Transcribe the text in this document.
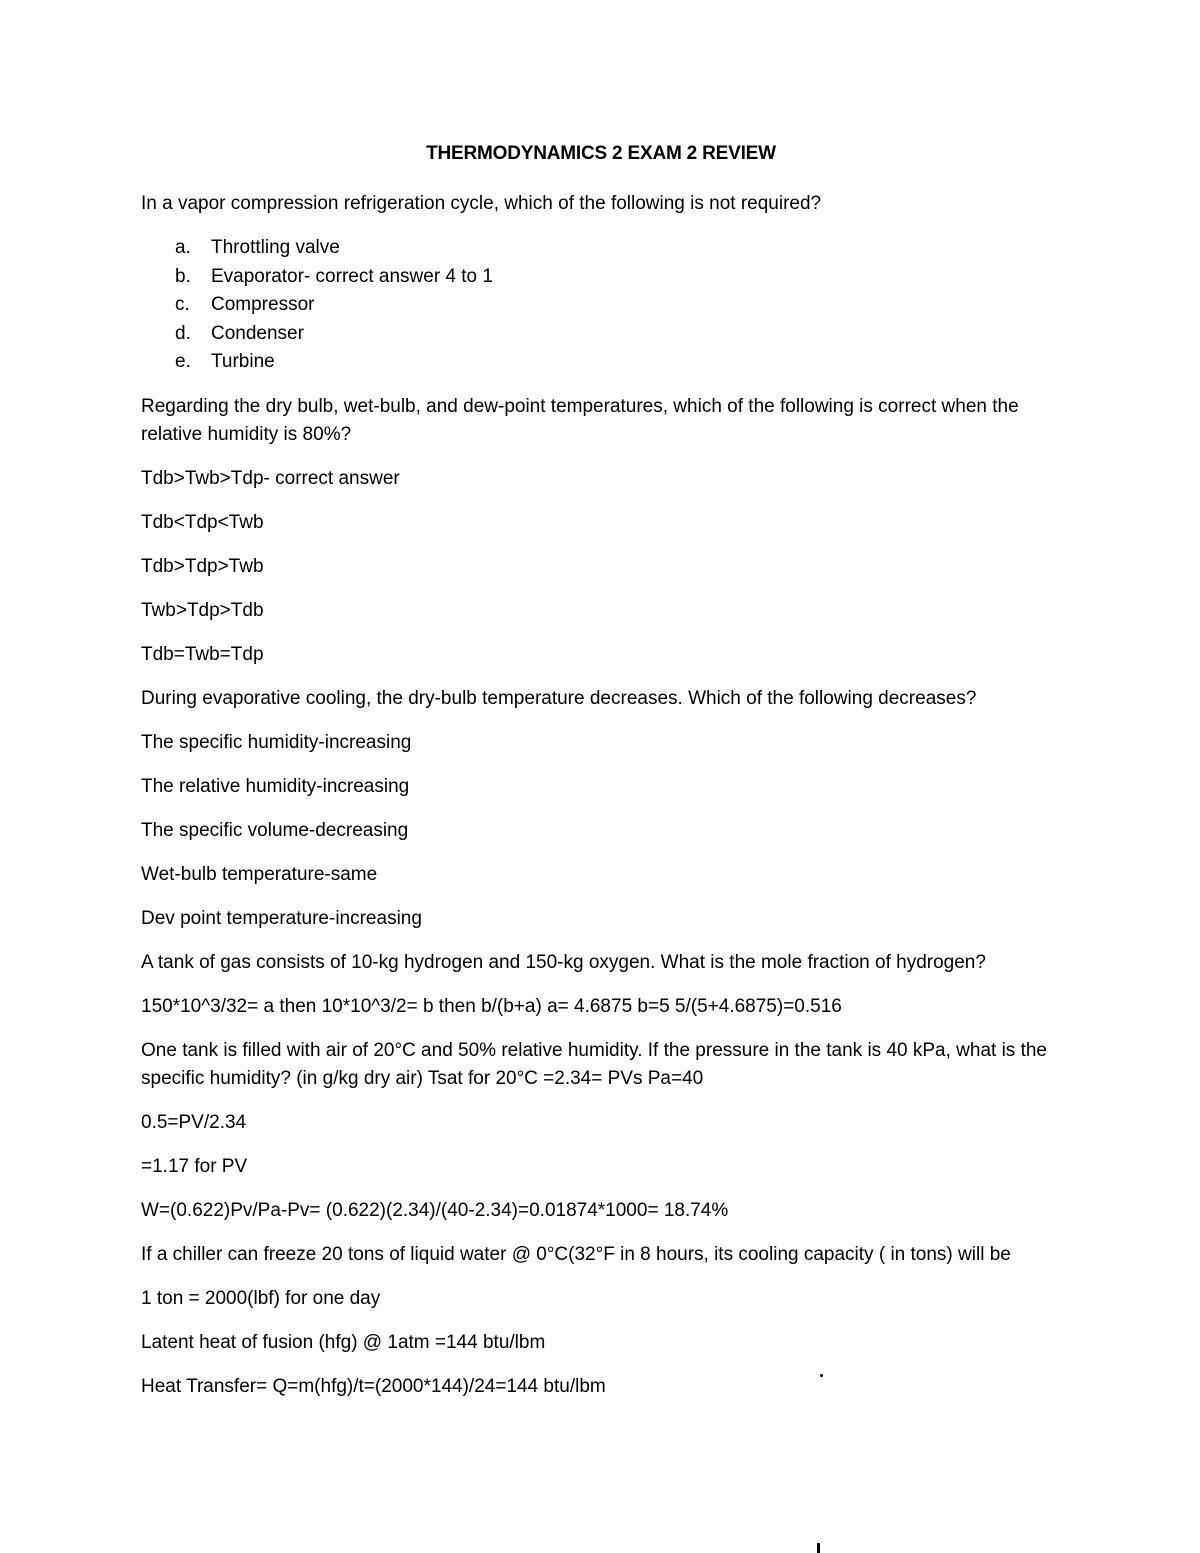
THERMODYNAMICS 2 EXAM 2 REVIEW
In a vapor compression refrigeration cycle, which of the following is not required?
a.	Throttling valve
b.	Evaporator- correct answer 4 to 1
c.	Compressor
d.	Condenser
e.	Turbine
Regarding the dry bulb, wet-bulb, and dew-point temperatures, which of the following is correct when the relative humidity is 80%?
Tdb>Twb>Tdp- correct answer
Tdb<Tdp<Twb
Tdb>Tdp>Twb
Twb>Tdp>Tdb
Tdb=Twb=Tdp
During evaporative cooling, the dry-bulb temperature decreases. Which of the following decreases?
The specific humidity-increasing
The relative humidity-increasing
The specific volume-decreasing
Wet-bulb temperature-same
Dev point temperature-increasing
A tank of gas consists of 10-kg hydrogen and 150-kg oxygen. What is the mole fraction of hydrogen?
150*10^3/32= a then 10*10^3/2= b then b/(b+a) a= 4.6875 b=5 5/(5+4.6875)=0.516
One tank is filled with air of 20°C and 50% relative humidity. If the pressure in the tank is 40 kPa, what is the specific humidity? (in g/kg dry air) Tsat for 20°C =2.34= PVs Pa=40
0.5=PV/2.34
=1.17 for PV
W=(0.622)Pv/Pa-Pv= (0.622)(2.34)/(40-2.34)=0.01874*1000= 18.74%
If a chiller can freeze 20 tons of liquid water @ 0°C(32°F in 8 hours, its cooling capacity ( in tons) will be
1 ton = 2000(lbf) for one day
Latent heat of fusion (hfg) @ 1atm =144 btu/lbm
Heat Transfer= Q=m(hfg)/t=(2000*144)/24=144 btu/lbm
